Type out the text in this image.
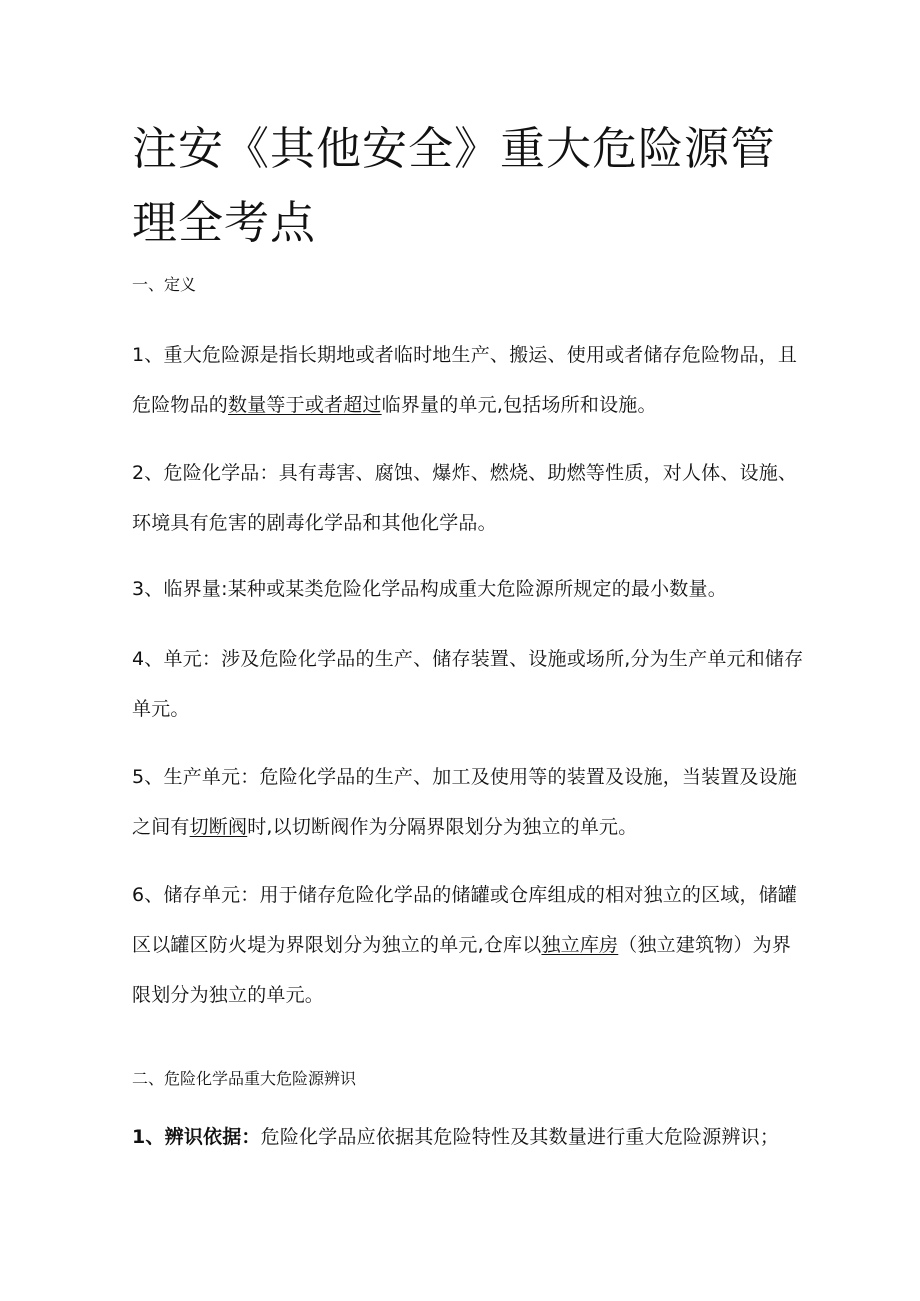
注安《其他安全》重大危险源管理全考点

一、定义

1、重大危险源是指长期地或者临时地生产、搬运、使用或者储存危险物品，且危险物品的数量等于或者超过临界量的单元,包括场所和设施。

2、危险化学品：具有毒害、腐蚀、爆炸、燃烧、助燃等性质，对人体、设施、环境具有危害的剧毒化学品和其他化学品。

3、临界量:某种或某类危险化学品构成重大危险源所规定的最小数量。

4、单元：涉及危险化学品的生产、储存装置、设施或场所,分为生产单元和储存单元。

5、生产单元：危险化学品的生产、加工及使用等的装置及设施，当装置及设施之间有切断阀时,以切断阀作为分隔界限划分为独立的单元。

6、储存单元：用于储存危险化学品的储罐或仓库组成的相对独立的区域，储罐区以罐区防火堤为界限划分为独立的单元,仓库以独立库房（独立建筑物）为界限划分为独立的单元。

二、危险化学品重大危险源辨识

1、辨识依据：危险化学品应依据其危险特性及其数量进行重大危险源辨识；
